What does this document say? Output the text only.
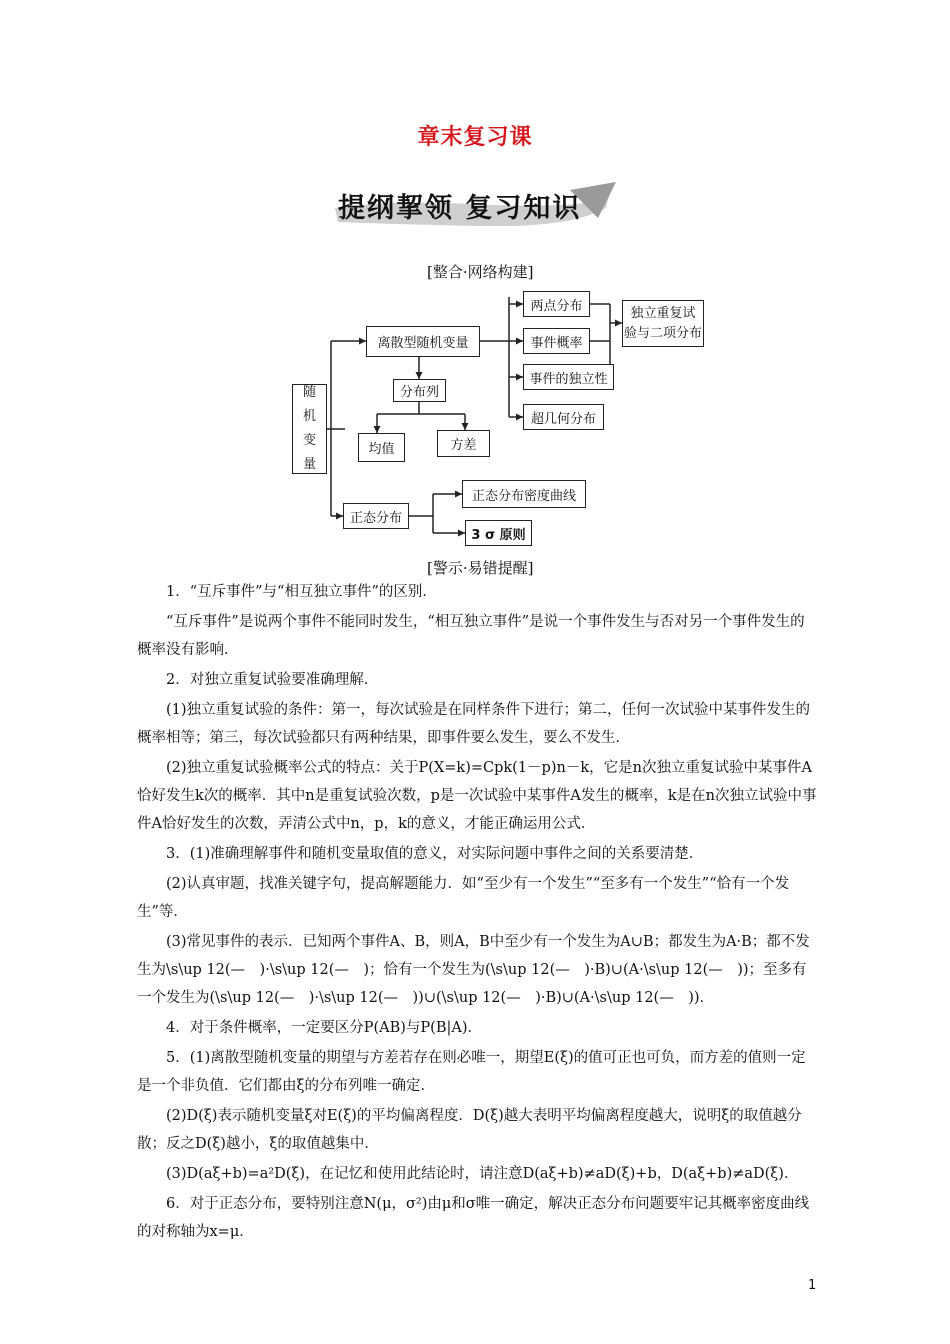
章末复习课
提纲挈领 复习知识
[整合·网络构建]
随
机
变
量
离散型随机变量
分布列
均值	方差
两点分布
事件概率
事件的独立性
超几何分布
独立重复试
验与二项分布
正态分布
正态分布密度曲线
3 σ 原则
[警示·易错提醒]
1．“互斥事件”与“相互独立事件”的区别．
“互斥事件”是说两个事件不能同时发生，“相互独立事件”是说一个事件发生与否对另一个事件发生的概率没有影响．
2．对独立重复试验要准确理解．
(1)独立重复试验的条件：第一，每次试验是在同样条件下进行；第二，任何一次试验中某事件发生的概率相等；第三，每次试验都只有两种结果，即事件要么发生，要么不发生．
(2)独立重复试验概率公式的特点：关于P(X=k)=Cpk(1－p)n－k，它是n次独立重复试验中某事件A恰好发生k次的概率．其中n是重复试验次数，p是一次试验中某事件A发生的概率，k是在n次独立试验中事件A恰好发生的次数，弄清公式中n，p，k的意义，才能正确运用公式．
3．(1)准确理解事件和随机变量取值的意义，对实际问题中事件之间的关系要清楚．
(2)认真审题，找准关键字句，提高解题能力．如“至少有一个发生”“至多有一个发生”“恰有一个发生”等．
(3)常见事件的表示．已知两个事件A、B，则A，B中至少有一个发生为A∪B；都发生为A·B；都不发生为\s\up 12(—　)·\s\up 12(—　)；恰有一个发生为(\s\up 12(—　)·B)∪(A·\s\up 12(—　))；至多有一个发生为(\s\up 12(—　)·\s\up 12(—　))∪(\s\up 12(—　)·B)∪(A·\s\up 12(—　))．
4．对于条件概率，一定要区分P(AB)与P(B|A)．
5．(1)离散型随机变量的期望与方差若存在则必唯一，期望E(ξ)的值可正也可负，而方差的值则一定是一个非负值．它们都由ξ的分布列唯一确定．
(2)D(ξ)表示随机变量ξ对E(ξ)的平均偏离程度．D(ξ)越大表明平均偏离程度越大，说明ξ的取值越分散；反之D(ξ)越小，ξ的取值越集中．
(3)D(aξ+b)=a²D(ξ)，在记忆和使用此结论时，请注意D(aξ+b)≠aD(ξ)+b，D(aξ+b)≠aD(ξ)．
6．对于正态分布，要特别注意N(μ，σ²)由μ和σ唯一确定，解决正态分布问题要牢记其概率密度曲线的对称轴为x=μ．
1
